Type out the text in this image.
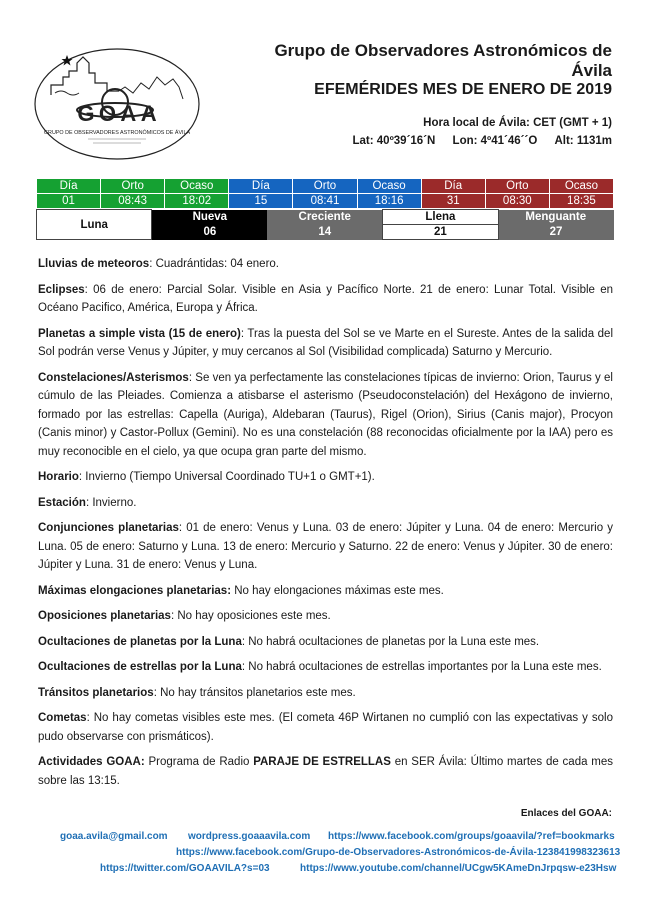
G O A A
GRUPO DE OBSERVADORES ASTRONÓMICOS DE ÁVILA
Grupo de Observadores Astronómicos de Ávila
EFEMÉRIDES MES DE ENERO DE 2019
Hora local de Ávila: CET (GMT + 1)
Lat: 40º39´16´N Lon: 4º41´46´´O Alt: 1131m
Día	Orto	Ocaso	Día	Orto	Ocaso	Día	Orto	Ocaso
01	08:43	18:02	15	08:41	18:16	31	08:30	18:35
Luna	Nueva	Creciente	Llena	Menguante
	06	14	21	27

Lluvias de meteoros: Cuadrántidas: 04 enero.

Eclipses: 06 de enero: Parcial Solar. Visible en Asia y Pacífico Norte. 21 de enero: Lunar Total. Visible en Océano Pacifico, América, Europa y África.

Planetas a simple vista (15 de enero): Tras la puesta del Sol se ve Marte en el Sureste. Antes de la salida del Sol podrán verse Venus y Júpiter, y muy cercanos al Sol (Visibilidad complicada) Saturno y Mercurio.

Constelaciones/Asterismos: Se ven ya perfectamente las constelaciones típicas de invierno: Orion, Taurus y el cúmulo de las Pleiades. Comienza a atisbarse el asterismo (Pseudoconstelación) del Hexágono de invierno, formado por las estrellas: Capella (Auriga), Aldebaran (Taurus), Rigel (Orion), Sirius (Canis major), Procyon (Canis minor) y Castor-Pollux (Gemini). No es una constelación (88 reconocidas oficialmente por la IAA) pero es muy reconocible en el cielo, ya que ocupa gran parte del mismo.

Horario: Invierno (Tiempo Universal Coordinado TU+1 o GMT+1).

Estación: Invierno.

Conjunciones planetarias: 01 de enero: Venus y Luna. 03 de enero: Júpiter y Luna. 04 de enero: Mercurio y Luna. 05 de enero: Saturno y Luna. 13 de enero: Mercurio y Saturno. 22 de enero: Venus y Júpiter. 30 de enero: Júpiter y Luna. 31 de enero: Venus y Luna.

Máximas elongaciones planetarias: No hay elongaciones máximas este mes.

Oposiciones planetarias: No hay oposiciones este mes.

Ocultaciones de planetas por la Luna: No habrá ocultaciones de planetas por la Luna este mes.

Ocultaciones de estrellas por la Luna: No habrá ocultaciones de estrellas importantes por la Luna este mes.

Tránsitos planetarios: No hay tránsitos planetarios este mes.

Cometas: No hay cometas visibles este mes. (El cometa 46P Wirtanen no cumplió con las expectativas y solo pudo observarse con prismáticos).

Actividades GOAA: Programa de Radio PARAJE DE ESTRELLAS en SER Ávila: Último martes de cada mes sobre las 13:15.

Enlaces del GOAA:
goaa.avila@gmail.com wordpress.goaaavila.com https://www.facebook.com/groups/goaavila/?ref=bookmarks
https://www.facebook.com/Grupo-de-Observadores-Astronómicos-de-Ávila-123841998323613
https://twitter.com/GOAAVILA?s=03	https://www.youtube.com/channel/UCgw5KAmeDnJrpqsw-e23Hsw
